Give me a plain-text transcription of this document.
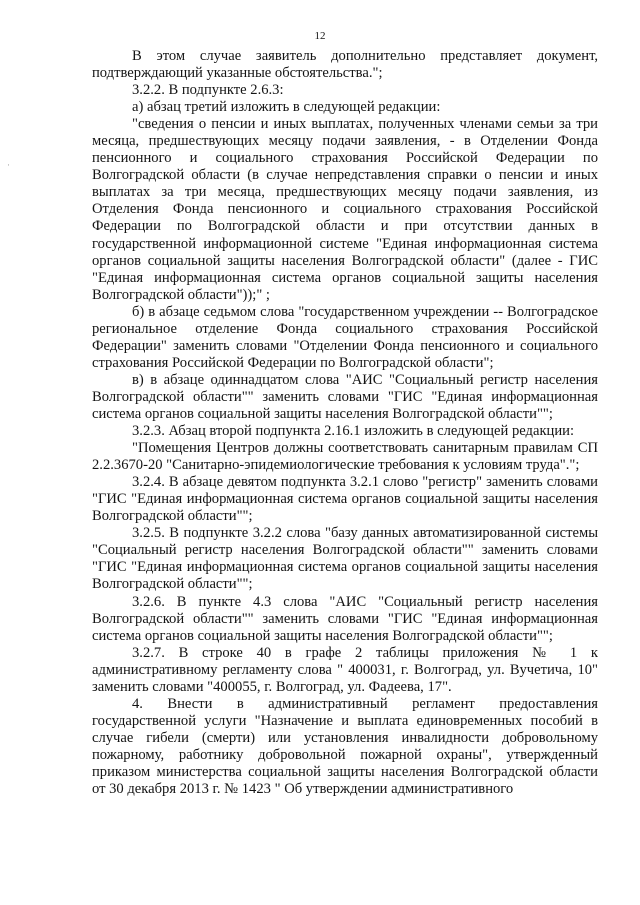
12
·

В этом случае заявитель дополнительно представляет документ, подтверждающий указанные обстоятельства.";

3.2.2. В подпункте 2.6.3:

а) абзац третий изложить в следующей редакции:

"сведения о пенсии и иных выплатах, полученных членами семьи за три месяца, предшествующих месяцу подачи заявления, - в Отделении Фонда пенсионного и социального страхования Российской Федерации по Волгоградской области (в случае непредставления справки о пенсии и иных выплатах за три месяца, предшествующих месяцу подачи заявления, из Отделения Фонда пенсионного и социального страхования Российской Федерации по Волгоградской области и при отсутствии данных в государственной информационной системе "Единая информационная система органов социальной защиты населения Волгоградской области" (далее - ГИС "Единая информационная система органов социальной защиты населения Волгоградской области"));" ;

б) в абзаце седьмом слова "государственном учреждении -- Волгоградское региональное отделение Фонда социального страхования Российской Федерации" заменить словами "Отделении Фонда пенсионного и социального страхования Российской Федерации по Волгоградской области";

в) в абзаце одиннадцатом слова "АИС "Социальный регистр населения Волгоградской области"" заменить словами "ГИС "Единая информационная система органов социальной защиты населения Волгоградской области"";

3.2.3. Абзац второй подпункта 2.16.1 изложить в следующей редакции:

"Помещения Центров должны соответствовать санитарным правилам СП 2.2.3670-20 "Санитарно-эпидемиологические требования к условиям труда".";

3.2.4. В абзаце девятом подпункта 3.2.1 слово "регистр" заменить словами "ГИС "Единая информационная система органов социальной защиты населения Волгоградской области"";

3.2.5. В подпункте 3.2.2 слова "базу данных автоматизированной системы "Социальный регистр населения Волгоградской области"" заменить словами "ГИС "Единая информационная система органов социальной защиты населения Волгоградской области"";

3.2.6. В пункте 4.3 слова "АИС "Социальный регистр населения Волгоградской области"" заменить словами "ГИС "Единая информационная система органов социальной защиты населения Волгоградской области"";

3.2.7. В строке 40 в графе 2 таблицы приложения № 1 к административному регламенту слова " 400031, г. Волгоград, ул. Вучетича, 10" заменить словами "400055, г. Волгоград, ул. Фадеева, 17".

4. Внести в административный регламент предоставления государственной услуги "Назначение и выплата единовременных пособий в случае гибели (смерти) или установления инвалидности добровольному пожарному, работнику добровольной пожарной охраны", утвержденный приказом министерства социальной защиты населения Волгоградской области от 30 декабря 2013 г. № 1423 " Об утверждении административного
